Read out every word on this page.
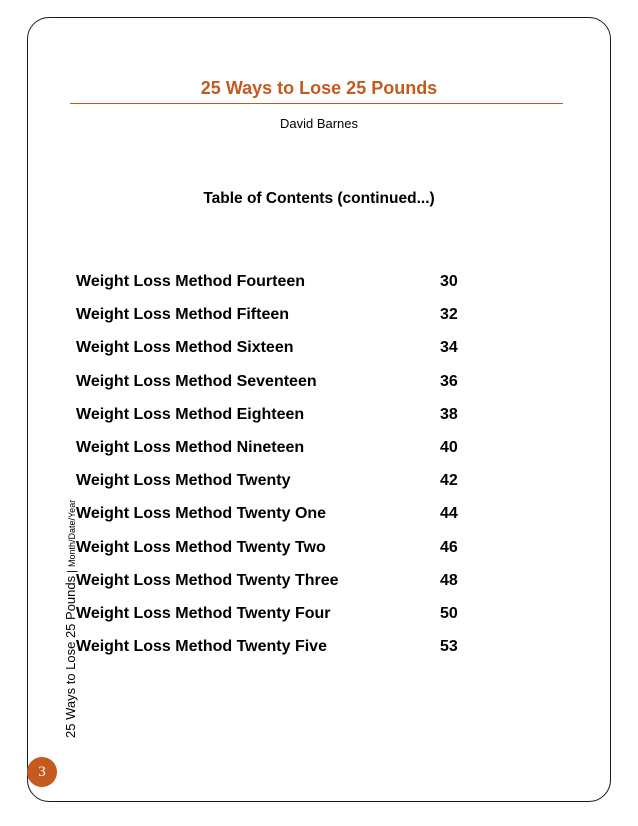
25 Ways to Lose 25 Pounds
David Barnes
Table of Contents (continued...)
Weight Loss Method Fourteen	30
Weight Loss Method Fifteen	32
Weight Loss Method Sixteen	34
Weight Loss Method Seventeen	36
Weight Loss Method Eighteen	38
Weight Loss Method Nineteen	40
Weight Loss Method Twenty	42
Weight Loss Method Twenty One	44
Weight Loss Method Twenty Two	46
Weight Loss Method Twenty Three	48
Weight Loss Method Twenty Four	50
Weight Loss Method Twenty Five	53
25 Ways to Lose 25 Pounds|Month/Date/Year
3
